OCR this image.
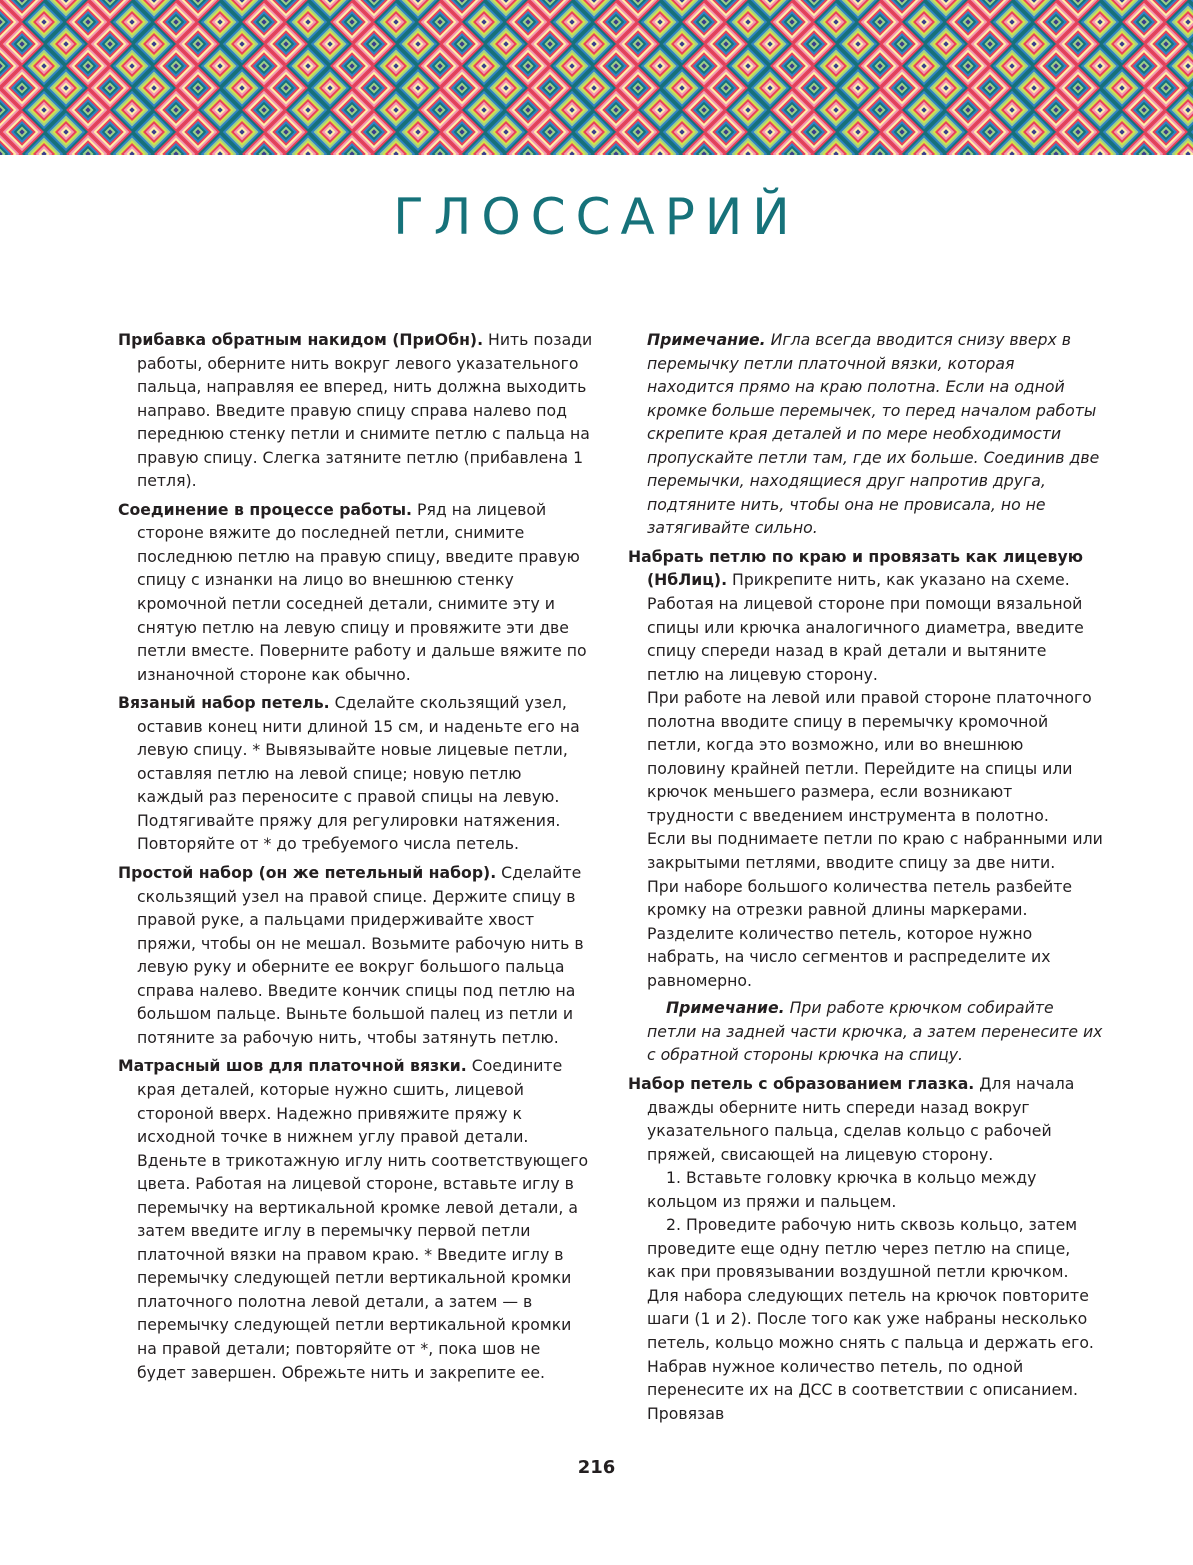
ГЛОССАРИЙ

Прибавка обратным накидом (ПриОбн). Нить позади работы, оберните нить вокруг левого указательного пальца, направляя ее вперед, нить должна выходить направо. Введите правую спицу справа налево под переднюю стенку петли и снимите петлю с пальца на правую спицу. Слегка затяните петлю (прибавлена 1 петля).

Соединение в процессе работы. Ряд на лицевой стороне вяжите до последней петли, снимите последнюю петлю на правую спицу, введите правую спицу с изнанки на лицо во внешнюю стенку кромочной петли соседней детали, снимите эту и снятую петлю на левую спицу и провяжите эти две петли вместе. Поверните работу и дальше вяжите по изнаночной стороне как обычно.

Вязаный набор петель. Сделайте скользящий узел, оставив конец нити длиной 15 см, и наденьте его на левую спицу. * Вывязывайте новые лицевые петли, оставляя петлю на левой спице; новую петлю каждый раз переносите с правой спицы на левую. Подтягивайте пряжу для регулировки натяжения. Повторяйте от * до требуемого числа петель.

Простой набор (он же петельный набор). Сделайте скользящий узел на правой спице. Держите спицу в правой руке, а пальцами придерживайте хвост пряжи, чтобы он не мешал. Возьмите рабочую нить в левую руку и оберните ее вокруг большого пальца справа налево. Введите кончик спицы под петлю на большом пальце. Выньте большой палец из петли и потяните за рабочую нить, чтобы затянуть петлю.

Матрасный шов для платочной вязки. Соедините края деталей, которые нужно сшить, лицевой стороной вверх. Надежно привяжите пряжу к исходной точке в нижнем углу правой детали. Вденьте в трикотажную иглу нить соответствующего цвета. Работая на лицевой стороне, вставьте иглу в перемычку на вертикальной кромке левой детали, а затем введите иглу в перемычку первой петли платочной вязки на правом краю. * Введите иглу в перемычку следующей петли вертикальной кромки платочного полотна левой детали, а затем — в перемычку следующей петли вертикальной кромки на правой детали; повторяйте от *, пока шов не будет завершен. Обрежьте нить и закрепите ее.

Примечание. Игла всегда вводится снизу вверх в перемычку петли платочной вязки, которая находится прямо на краю полотна. Если на одной кромке больше перемычек, то перед началом работы скрепите края деталей и по мере необходимости пропускайте петли там, где их больше. Соединив две перемычки, находящиеся друг напротив друга, подтяните нить, чтобы она не провисала, но не затягивайте сильно.

Набрать петлю по краю и провязать как лицевую (НбЛиц). Прикрепите нить, как указано на схеме. Работая на лицевой стороне при помощи вязальной спицы или крючка аналогичного диаметра, введите спицу спереди назад в край детали и вытяните петлю на лицевую сторону.

При работе на левой или правой стороне платочного полотна вводите спицу в перемычку кромочной петли, когда это возможно, или во внешнюю половину крайней петли. Перейдите на спицы или крючок меньшего размера, если возникают трудности с введением инструмента в полотно.

Если вы поднимаете петли по краю с набранными или закрытыми петлями, вводите спицу за две нити.

При наборе большого количества петель разбейте кромку на отрезки равной длины маркерами. Разделите количество петель, которое нужно набрать, на число сегментов и распределите их равномерно.

Примечание. При работе крючком собирайте петли на задней части крючка, а затем перенесите их с обратной стороны крючка на спицу.

Набор петель с образованием глазка. Для начала дважды оберните нить спереди назад вокруг указательного пальца, сделав кольцо с рабочей пряжей, свисающей на лицевую сторону.

1. Вставьте головку крючка в кольцо между кольцом из пряжи и пальцем.

2. Проведите рабочую нить сквозь кольцо, затем проведите еще одну петлю через петлю на спице, как при провязывании воздушной петли крючком.

Для набора следующих петель на крючок повторите шаги (1 и 2). После того как уже набраны несколько петель, кольцо можно снять с пальца и держать его.

Набрав нужное количество петель, по одной перенесите их на ДСС в соответствии с описанием. Провязав

216
